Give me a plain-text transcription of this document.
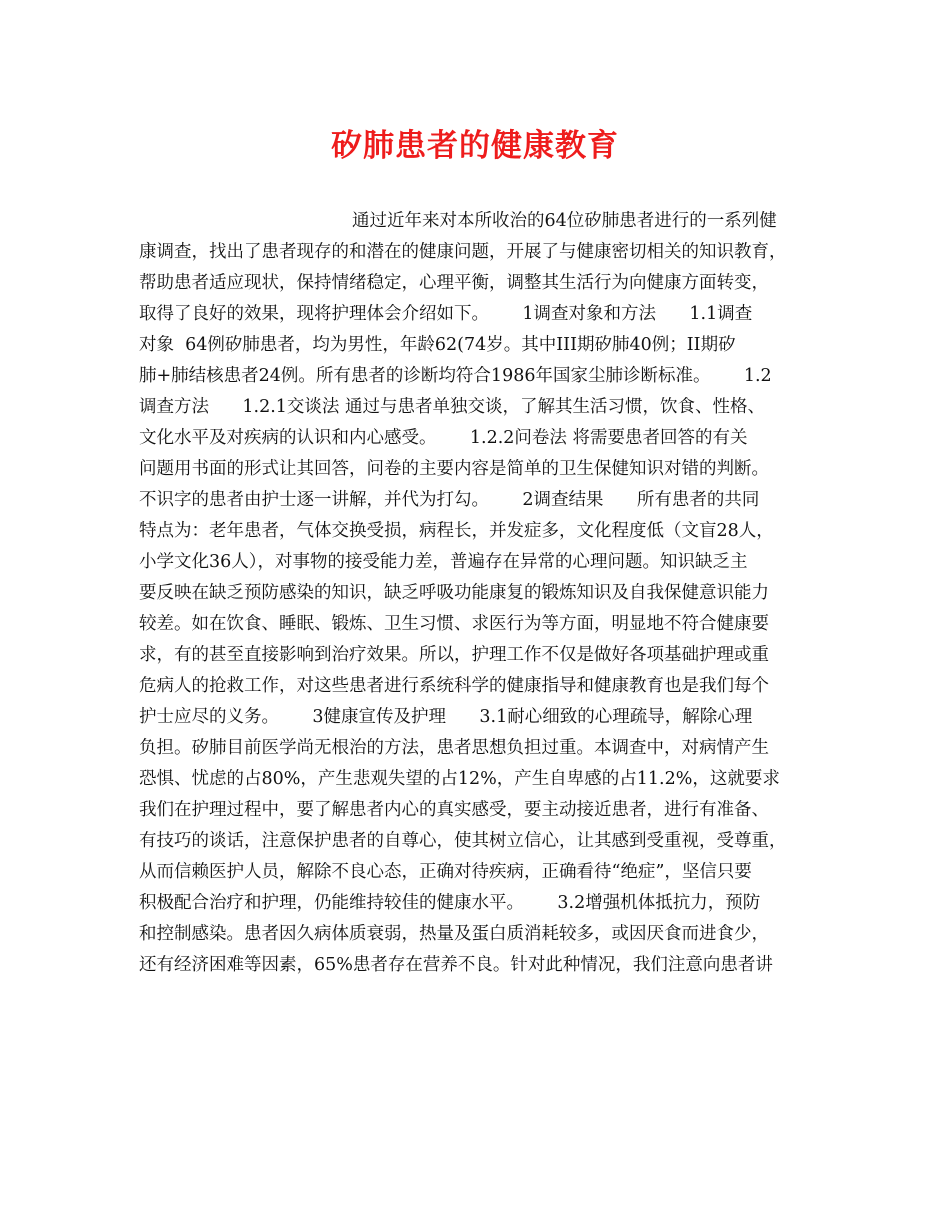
矽肺患者的健康教育
通过近年来对本所收治的64位矽肺患者进行的一系列健
康调查，找出了患者现存的和潜在的健康问题，开展了与健康密切相关的知识教育，
帮助患者适应现状，保持情绪稳定，心理平衡，调整其生活行为向健康方面转变，
取得了良好的效果，现将护理体会介绍如下。      1调查对象和方法      1.1调查
对象  64例矽肺患者，均为男性，年龄62(74岁。其中III期矽肺40例；II期矽
肺+肺结核患者24例。所有患者的诊断均符合1986年国家尘肺诊断标准。      1.2
调查方法      1.2.1交谈法 通过与患者单独交谈，了解其生活习惯，饮食、性格、
文化水平及对疾病的认识和内心感受。      1.2.2问卷法 将需要患者回答的有关
问题用书面的形式让其回答，问卷的主要内容是简单的卫生保健知识对错的判断。
不识字的患者由护士逐一讲解，并代为打勾。      2调查结果      所有患者的共同
特点为：老年患者，气体交换受损，病程长，并发症多，文化程度低（文盲28人，
小学文化36人），对事物的接受能力差，普遍存在异常的心理问题。知识缺乏主
要反映在缺乏预防感染的知识，缺乏呼吸功能康复的锻炼知识及自我保健意识能力
较差。如在饮食、睡眠、锻炼、卫生习惯、求医行为等方面，明显地不符合健康要
求，有的甚至直接影响到治疗效果。所以，护理工作不仅是做好各项基础护理或重
危病人的抢救工作，对这些患者进行系统科学的健康指导和健康教育也是我们每个
护士应尽的义务。      3健康宣传及护理      3.1耐心细致的心理疏导，解除心理
负担。矽肺目前医学尚无根治的方法，患者思想负担过重。本调查中，对病情产生
恐惧、忧虑的占80%，产生悲观失望的占12%，产生自卑感的占11.2%，这就要求
我们在护理过程中，要了解患者内心的真实感受，要主动接近患者，进行有准备、
有技巧的谈话，注意保护患者的自尊心，使其树立信心，让其感到受重视，受尊重，
从而信赖医护人员，解除不良心态，正确对待疾病，正确看待“绝症”，坚信只要
积极配合治疗和护理，仍能维持较佳的健康水平。      3.2增强机体抵抗力，预防
和控制感染。患者因久病体质衰弱，热量及蛋白质消耗较多，或因厌食而进食少，
还有经济困难等因素，65%患者存在营养不良。针对此种情况，我们注意向患者讲
